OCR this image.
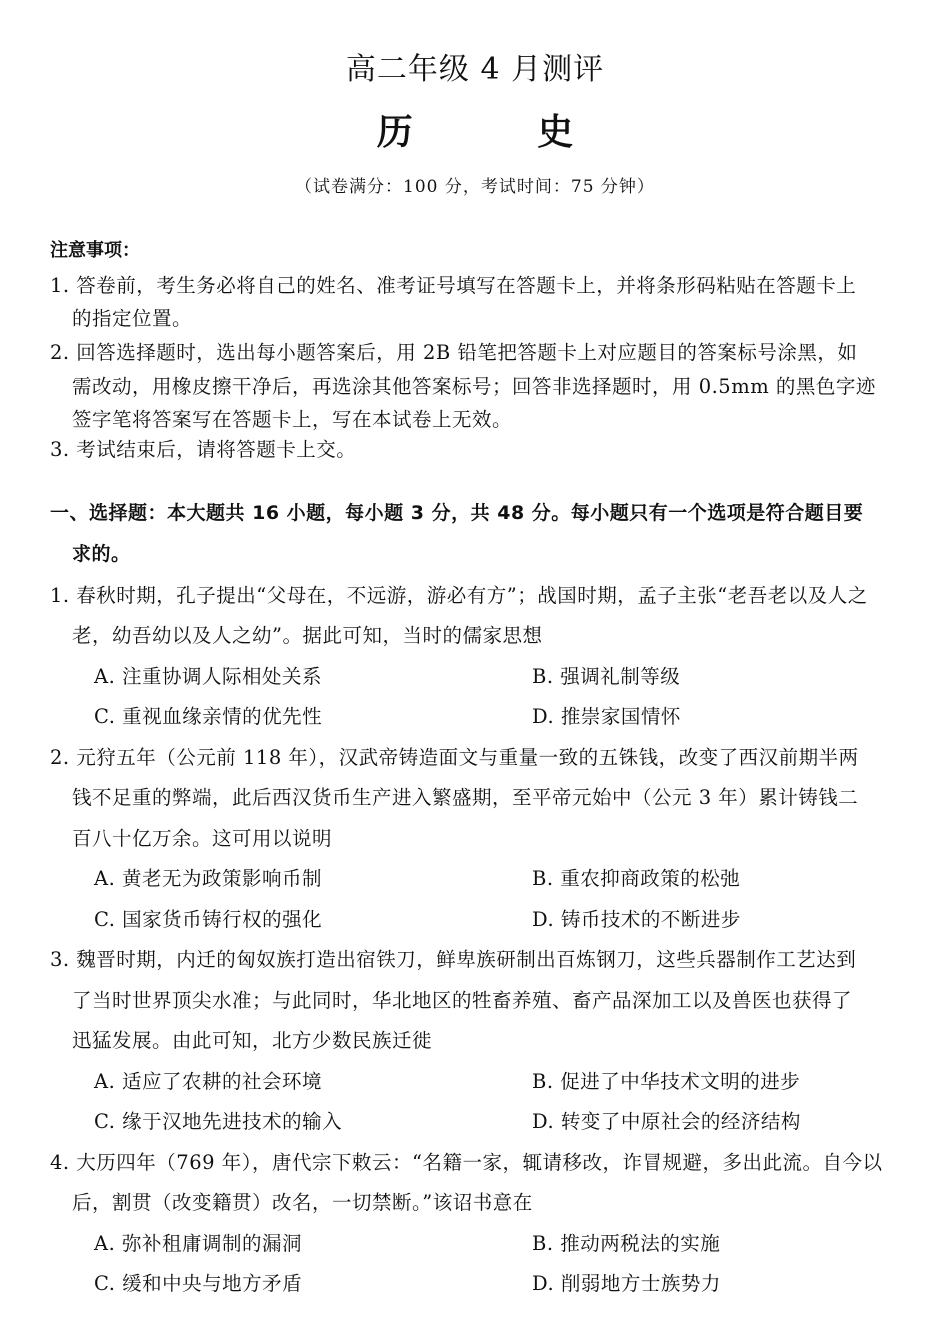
高二年级 4 月测评
历 史
（试卷满分：100 分，考试时间：75 分钟）
注意事项：
1. 答卷前，考生务必将自己的姓名、准考证号填写在答题卡上，并将条形码粘贴在答题卡上
的指定位置。
2. 回答选择题时，选出每小题答案后，用 2B 铅笔把答题卡上对应题目的答案标号涂黑，如
需改动，用橡皮擦干净后，再选涂其他答案标号；回答非选择题时，用 0.5mm 的黑色字迹
签字笔将答案写在答题卡上，写在本试卷上无效。
3. 考试结束后，请将答题卡上交。
一、选择题：本大题共 16 小题，每小题 3 分，共 48 分。每小题只有一个选项是符合题目要
求的。
1. 春秋时期，孔子提出“父母在，不远游，游必有方”；战国时期，孟子主张“老吾老以及人之
老，幼吾幼以及人之幼”。据此可知，当时的儒家思想
A. 注重协调人际相处关系	B. 强调礼制等级
C. 重视血缘亲情的优先性	D. 推崇家国情怀
2. 元狩五年（公元前 118 年），汉武帝铸造面文与重量一致的五铢钱，改变了西汉前期半两
钱不足重的弊端，此后西汉货币生产进入繁盛期，至平帝元始中（公元 3 年）累计铸钱二
百八十亿万余。这可用以说明
A. 黄老无为政策影响币制	B. 重农抑商政策的松弛
C. 国家货币铸行权的强化	D. 铸币技术的不断进步
3. 魏晋时期，内迁的匈奴族打造出宿铁刀，鲜卑族研制出百炼钢刀，这些兵器制作工艺达到
了当时世界顶尖水准；与此同时，华北地区的牲畜养殖、畜产品深加工以及兽医也获得了
迅猛发展。由此可知，北方少数民族迁徙
A. 适应了农耕的社会环境	B. 促进了中华技术文明的进步
C. 缘于汉地先进技术的输入	D. 转变了中原社会的经济结构
4. 大历四年（769 年），唐代宗下敕云：“名籍一家，辄请移改，诈冒规避，多出此流。自今以
后，割贯（改变籍贯）改名，一切禁断。”该诏书意在
A. 弥补租庸调制的漏洞	B. 推动两税法的实施
C. 缓和中央与地方矛盾	D. 削弱地方士族势力
